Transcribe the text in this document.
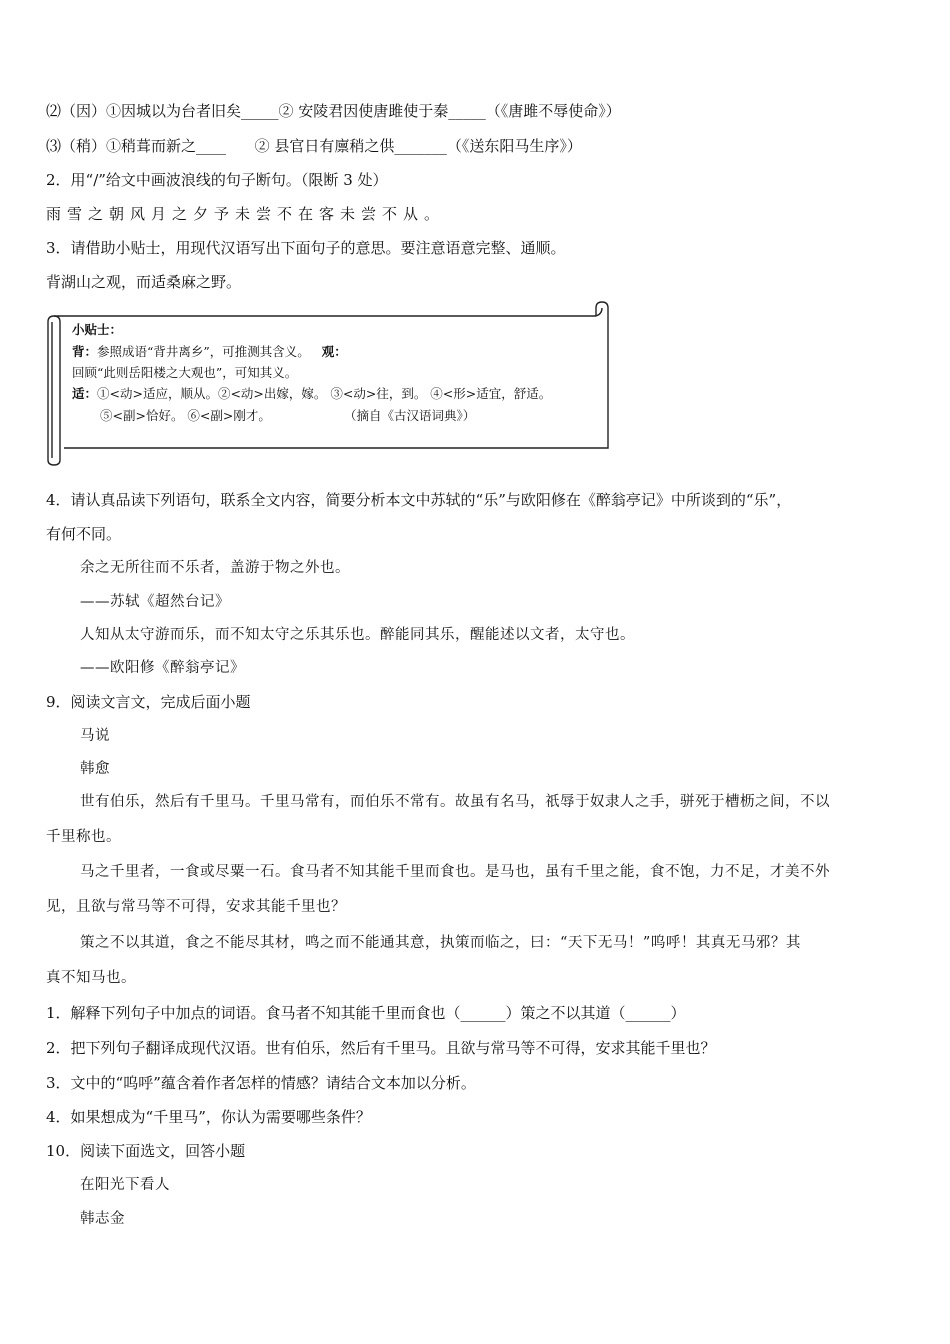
⑵（因）①因城以为台者旧矣_____② 安陵君因使唐雎使于秦_____（《唐雎不辱使命》）
⑶（稍）①稍葺而新之____      ② 县官日有廪稍之供_______（《送东阳马生序》）
2．用“/”给文中画波浪线的句子断句。（限断 3 处）
雨雪之朝风月之夕予未尝不在客未尝不从。
3．请借助小贴士，用现代汉语写出下面句子的意思。要注意语意完整、通顺。
背湖山之观，而适桑麻之野。
小贴士：
背：参照成语“背井离乡”，可推测其含义。 观：
回顾“此则岳阳楼之大观也”，可知其义。
适：①<动>适应，顺从。②<动>出嫁，嫁。 ③<动>往，到。 ④<形>适宜，舒适。
⑤<副>恰好。 ⑥<副>刚才。	（摘自《古汉语词典》）
4．请认真品读下列语句，联系全文内容，简要分析本文中苏轼的“乐”与欧阳修在《醉翁亭记》中所谈到的“乐”，
有何不同。
余之无所往而不乐者，盖游于物之外也。
——苏轼《超然台记》
人知从太守游而乐，而不知太守之乐其乐也。醉能同其乐，醒能述以文者，太守也。
——欧阳修《醉翁亭记》
9．阅读文言文，完成后面小题
马说
韩愈
世有伯乐，然后有千里马。千里马常有，而伯乐不常有。故虽有名马，祇辱于奴隶人之手，骈死于槽枥之间，不以
千里称也。
马之千里者，一食或尽粟一石。食马者不知其能千里而食也。是马也，虽有千里之能，食不饱，力不足，才美不外
见，且欲与常马等不可得，安求其能千里也？
策之不以其道，食之不能尽其材，鸣之而不能通其意，执策而临之，曰：“天下无马！”呜呼！其真无马邪？其
真不知马也。
1．解释下列句子中加点的词语。食马者不知其能千里而食也（______）策之不以其道（______）
2．把下列句子翻译成现代汉语。世有伯乐，然后有千里马。且欲与常马等不可得，安求其能千里也？
3．文中的“呜呼”蕴含着作者怎样的情感？请结合文本加以分析。
4．如果想成为“千里马”，你认为需要哪些条件？
10．阅读下面选文，回答小题
在阳光下看人
韩志金
